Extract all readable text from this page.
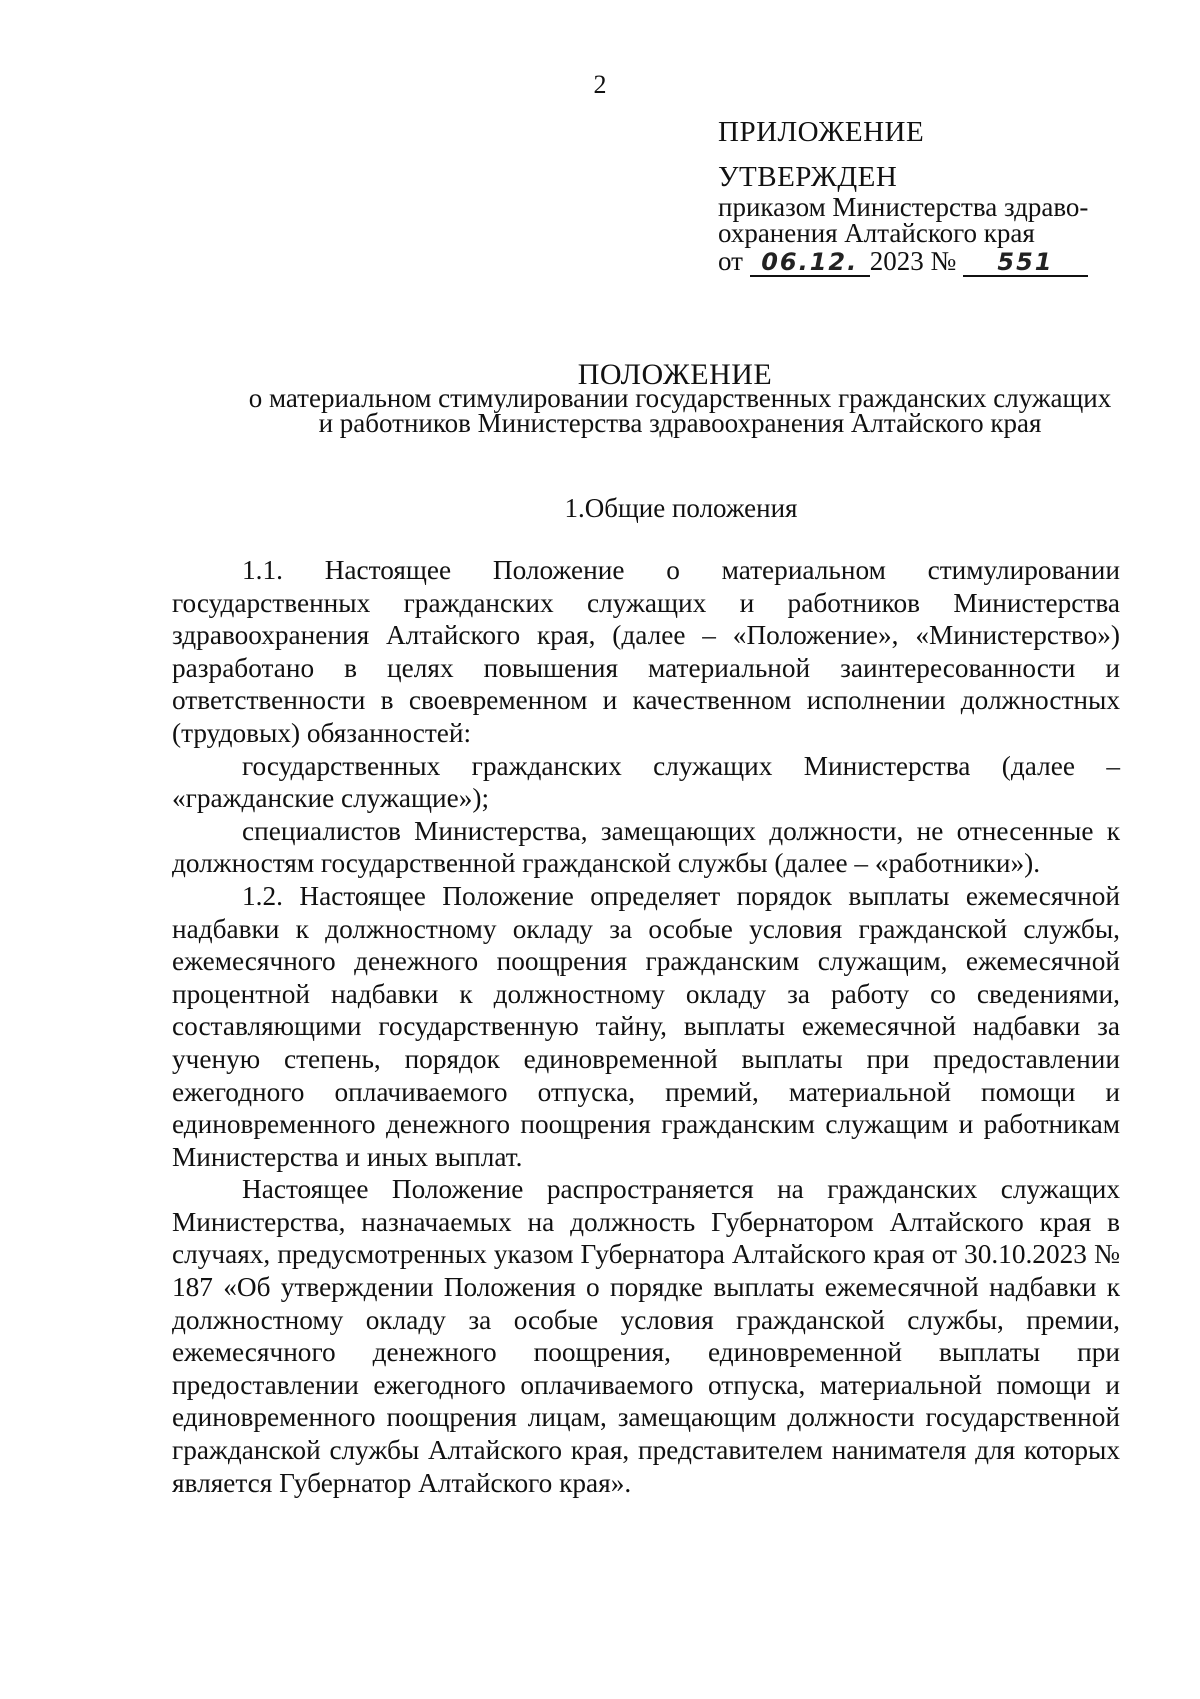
2
ПРИЛОЖЕНИЕ
УТВЕРЖДЕН
приказом Министерства здраво-
охранения Алтайского края
от 06.12. 2023 № 551
ПОЛОЖЕНИЕ
о материальном стимулировании государственных гражданских служащих и работников Министерства здравоохранения Алтайского края
1.Общие положения

1.1. Настоящее Положение о материальном стимулировании государственных гражданских служащих и работников Министерства здравоохранения Алтайского края, (далее – «Положение», «Министерство») разработано в целях повышения материальной заинтересованности и ответственности в своевременном и качественном исполнении должностных (трудовых) обязанностей:

государственных гражданских служащих Министерства (далее – «гражданские служащие»);

специалистов Министерства, замещающих должности, не отнесенные к должностям государственной гражданской службы (далее – «работники»).

1.2. Настоящее Положение определяет порядок выплаты ежемесячной надбавки к должностному окладу за особые условия гражданской службы, ежемесячного денежного поощрения гражданским служащим, ежемесячной процентной надбавки к должностному окладу за работу со сведениями, составляющими государственную тайну, выплаты ежемесячной надбавки за ученую степень, порядок единовременной выплаты при предоставлении ежегодного оплачиваемого отпуска, премий, материальной помощи и единовременного денежного поощрения гражданским служащим и работникам Министерства и иных выплат.

Настоящее Положение распространяется на гражданских служащих Министерства, назначаемых на должность Губернатором Алтайского края в случаях, предусмотренных указом Губернатора Алтайского края от 30.10.2023 № 187 «Об утверждении Положения о порядке выплаты ежемесячной надбавки к должностному окладу за особые условия гражданской службы, премии, ежемесячного денежного поощрения, единовременной выплаты при предоставлении ежегодного оплачиваемого отпуска, материальной помощи и единовременного поощрения лицам, замещающим должности государственной гражданской службы Алтайского края, представителем нанимателя для которых является Губернатор Алтайского края».
